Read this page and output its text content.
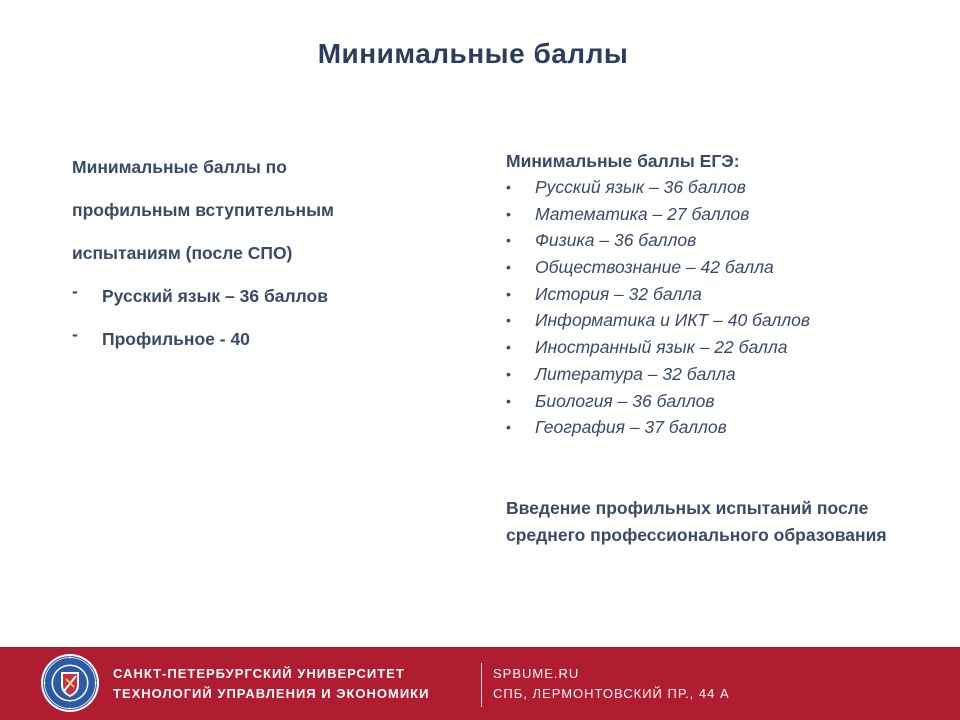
Минимальные баллы
Минимальные баллы по
профильным вступительным
испытаниям (после СПО)
- Русский язык – 36 баллов
- Профильное - 40
Минимальные баллы ЕГЭ:
• Русский язык – 36 баллов
• Математика – 27 баллов
• Физика – 36 баллов
• Обществознание – 42 балла
• История – 32 балла
• Информатика и ИКТ – 40 баллов
• Иностранный язык – 22 балла
• Литература – 32 балла
• Биология – 36 баллов
• География – 37 баллов
Введение профильных испытаний после среднего профессионального образования
САНКТ-ПЕТЕРБУРГСКИЙ УНИВЕРСИТЕТ
ТЕХНОЛОГИЙ УПРАВЛЕНИЯ И ЭКОНОМИКИ
SPBUME.RU
СПБ, ЛЕРМОНТОВСКИЙ ПР., 44 А
